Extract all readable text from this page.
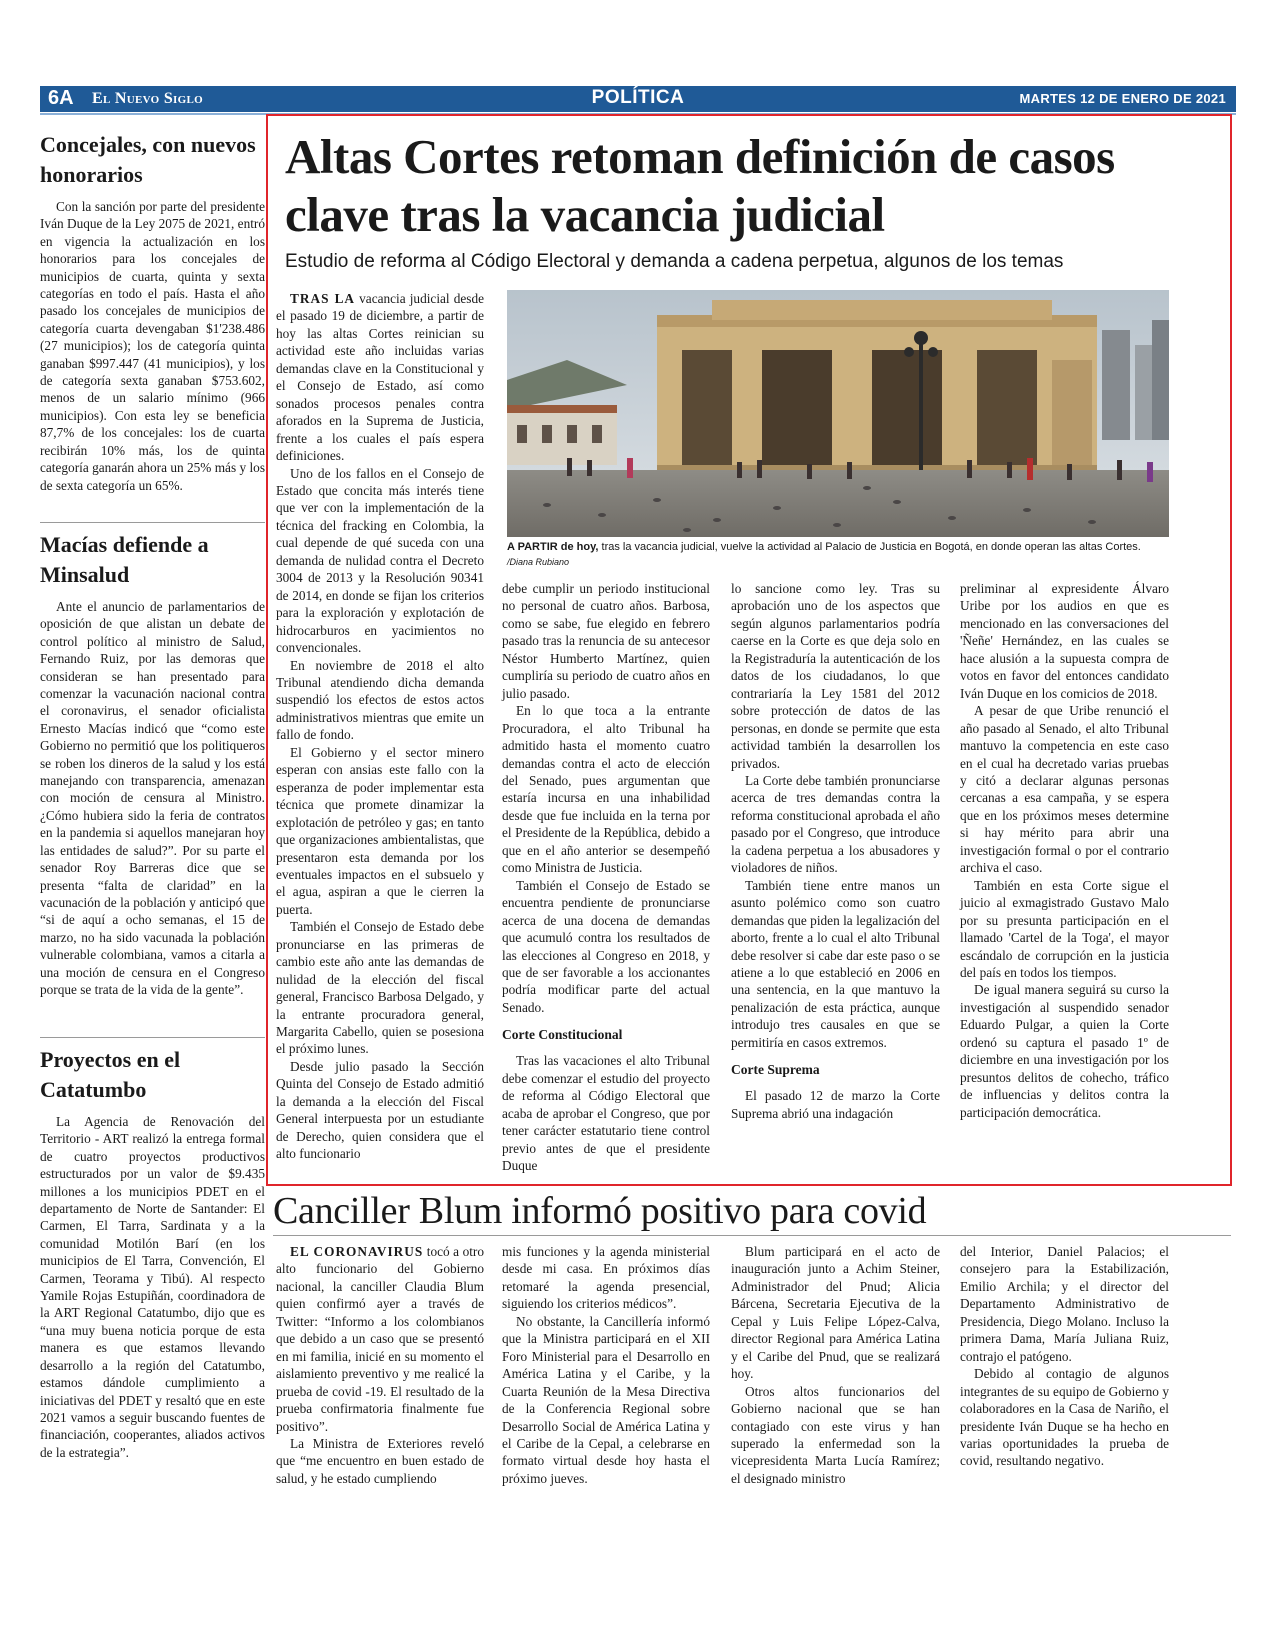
6A El Nuevo Siglo	POLÍTICA	MARTES 12 DE ENERO DE 2021
Concejales, con nuevos honorarios

Con la sanción por parte del presidente Iván Duque de la Ley 2075 de 2021, entró en vigencia la actualización en los honorarios para los concejales de municipios de cuarta, quinta y sexta categorías en todo el país. Hasta el año pasado los concejales de municipios de categoría cuarta devengaban $1'238.486 (27 municipios); los de categoría quinta ganaban $997.447 (41 municipios), y los de categoría sexta ganaban $753.602, menos de un salario mínimo (966 municipios). Con esta ley se beneficia 87,7% de los concejales: los de cuarta recibirán 10% más, los de quinta categoría ganarán ahora un 25% más y los de sexta categoría un 65%.

Macías defiende a Minsalud

Ante el anuncio de parlamentarios de oposición de que alistan un debate de control político al ministro de Salud, Fernando Ruiz, por las demoras que consideran se han presentado para comenzar la vacunación nacional contra el coronavirus, el senador oficialista Ernesto Macías indicó que “como este Gobierno no permitió que los politiqueros se roben los dineros de la salud y los está manejando con transparencia, amenazan con moción de censura al Ministro. ¿Cómo hubiera sido la feria de contratos en la pandemia si aquellos manejaran hoy las entidades de salud?”. Por su parte el senador Roy Barreras dice que se presenta “falta de claridad” en la vacunación de la población y anticipó que “si de aquí a ocho semanas, el 15 de marzo, no ha sido vacunada la población vulnerable colombiana, vamos a citarla a una moción de censura en el Congreso porque se trata de la vida de la gente”.

Proyectos en el Catatumbo

La Agencia de Renovación del Territorio - ART realizó la entrega formal de cuatro proyectos productivos estructurados por un valor de $9.435 millones a los municipios PDET en el departamento de Norte de Santander: El Carmen, El Tarra, Sardinata y a la comunidad Motilón Barí (en los municipios de El Tarra, Convención, El Carmen, Teorama y Tibú). Al respecto Yamile Rojas Estupiñán, coordinadora de la ART Regional Catatumbo, dijo que es “una muy buena noticia porque de esta manera es que estamos llevando desarrollo a la región del Catatumbo, estamos dándole cumplimiento a iniciativas del PDET y resaltó que en este 2021 vamos a seguir buscando fuentes de financiación, cooperantes, aliados activos de la estrategia”.

Altas Cortes retoman definición de casos clave tras la vacancia judicial
Estudio de reforma al Código Electoral y demanda a cadena perpetua, algunos de los temas
A PARTIR de hoy, tras la vacancia judicial, vuelve la actividad al Palacio de Justicia en Bogotá, en donde operan las altas Cortes. /Diana Rubiano

TRAS LA vacancia judicial desde el pasado 19 de diciembre, a partir de hoy las altas Cortes reinician su actividad este año incluidas varias demandas clave en la Constitucional y el Consejo de Estado, así como sonados procesos penales contra aforados en la Suprema de Justicia, frente a los cuales el país espera definiciones.

Uno de los fallos en el Consejo de Estado que concita más interés tiene que ver con la implementación de la técnica del fracking en Colombia, la cual depende de qué suceda con una demanda de nulidad contra el Decreto 3004 de 2013 y la Resolución 90341 de 2014, en donde se fijan los criterios para la exploración y explotación de hidrocarburos en yacimientos no convencionales.

En noviembre de 2018 el alto Tribunal atendiendo dicha demanda suspendió los efectos de estos actos administrativos mientras que emite un fallo de fondo.

El Gobierno y el sector minero esperan con ansias este fallo con la esperanza de poder implementar esta técnica que promete dinamizar la explotación de petróleo y gas; en tanto que organizaciones ambientalistas, que presentaron esta demanda por los eventuales impactos en el subsuelo y el agua, aspiran a que le cierren la puerta.

También el Consejo de Estado debe pronunciarse en las primeras de cambio este año ante las demandas de nulidad de la elección del fiscal general, Francisco Barbosa Delgado, y la entrante procuradora general, Margarita Cabello, quien se posesiona el próximo lunes.

Desde julio pasado la Sección Quinta del Consejo de Estado admitió la demanda a la elección del Fiscal General interpuesta por un estudiante de Derecho, quien considera que el alto funcionario

debe cumplir un periodo institucional no personal de cuatro años. Barbosa, como se sabe, fue elegido en febrero pasado tras la renuncia de su antecesor Néstor Humberto Martínez, quien cumpliría su periodo de cuatro años en julio pasado.

En lo que toca a la entrante Procuradora, el alto Tribunal ha admitido hasta el momento cuatro demandas contra el acto de elección del Senado, pues argumentan que estaría incursa en una inhabilidad desde que fue incluida en la terna por el Presidente de la República, debido a que en el año anterior se desempeñó como Ministra de Justicia.

También el Consejo de Estado se encuentra pendiente de pronunciarse acerca de una docena de demandas que acumuló contra los resultados de las elecciones al Congreso en 2018, y que de ser favorable a los accionantes podría modificar parte del actual Senado.

Corte Constitucional

Tras las vacaciones el alto Tribunal debe comenzar el estudio del proyecto de reforma al Código Electoral que acaba de aprobar el Congreso, que por tener carácter estatutario tiene control previo antes de que el presidente Duque

lo sancione como ley. Tras su aprobación uno de los aspectos que según algunos parlamentarios podría caerse en la Corte es que deja solo en la Registraduría la autenticación de los datos de los ciudadanos, lo que contrariaría la Ley 1581 del 2012 sobre protección de datos de las personas, en donde se permite que esta actividad también la desarrollen los privados.

La Corte debe también pronunciarse acerca de tres demandas contra la reforma constitucional aprobada el año pasado por el Congreso, que introduce la cadena perpetua a los abusadores y violadores de niños.

También tiene entre manos un asunto polémico como son cuatro demandas que piden la legalización del aborto, frente a lo cual el alto Tribunal debe resolver si cabe dar este paso o se atiene a lo que estableció en 2006 en una sentencia, en la que mantuvo la penalización de esta práctica, aunque introdujo tres causales en que se permitiría en casos extremos.

Corte Suprema

El pasado 12 de marzo la Corte Suprema abrió una indagación

preliminar al expresidente Álvaro Uribe por los audios en que es mencionado en las conversaciones del 'Ñeñe' Hernández, en las cuales se hace alusión a la supuesta compra de votos en favor del entonces candidato Iván Duque en los comicios de 2018.

A pesar de que Uribe renunció el año pasado al Senado, el alto Tribunal mantuvo la competencia en este caso en el cual ha decretado varias pruebas y citó a declarar algunas personas cercanas a esa campaña, y se espera que en los próximos meses determine si hay mérito para abrir una investigación formal o por el contrario archiva el caso.

También en esta Corte sigue el juicio al exmagistrado Gustavo Malo por su presunta participación en el llamado 'Cartel de la Toga', el mayor escándalo de corrupción en la justicia del país en todos los tiempos.

De igual manera seguirá su curso la investigación al suspendido senador Eduardo Pulgar, a quien la Corte ordenó su captura el pasado 1º de diciembre en una investigación por los presuntos delitos de cohecho, tráfico de influencias y delitos contra la participación democrática.

Canciller Blum informó positivo para covid

EL CORONAVIRUS tocó a otro alto funcionario del Gobierno nacional, la canciller Claudia Blum quien confirmó ayer a través de Twitter: “Informo a los colombianos que debido a un caso que se presentó en mi familia, inicié en su momento el aislamiento preventivo y me realicé la prueba de covid -19. El resultado de la prueba confirmatoria finalmente fue positivo”.

La Ministra de Exteriores reveló que “me encuentro en buen estado de salud, y he estado cumpliendo

mis funciones y la agenda ministerial desde mi casa. En próximos días retomaré la agenda presencial, siguiendo los criterios médicos”.

No obstante, la Cancillería informó que la Ministra participará en el XII Foro Ministerial para el Desarrollo en América Latina y el Caribe, y la Cuarta Reunión de la Mesa Directiva de la Conferencia Regional sobre Desarrollo Social de América Latina y el Caribe de la Cepal, a celebrarse en formato virtual desde hoy hasta el próximo jueves.

Blum participará en el acto de inauguración junto a Achim Steiner, Administrador del Pnud; Alicia Bárcena, Secretaria Ejecutiva de la Cepal y Luis Felipe López-Calva, director Regional para América Latina y el Caribe del Pnud, que se realizará hoy.

Otros altos funcionarios del Gobierno nacional que se han contagiado con este virus y han superado la enfermedad son la vicepresidenta Marta Lucía Ramírez; el designado ministro

del Interior, Daniel Palacios; el consejero para la Estabilización, Emilio Archila; y el director del Departamento Administrativo de Presidencia, Diego Molano. Incluso la primera Dama, María Juliana Ruiz, contrajo el patógeno.

Debido al contagio de algunos integrantes de su equipo de Gobierno y colaboradores en la Casa de Nariño, el presidente Iván Duque se ha hecho en varias oportunidades la prueba de covid, resultando negativo.
